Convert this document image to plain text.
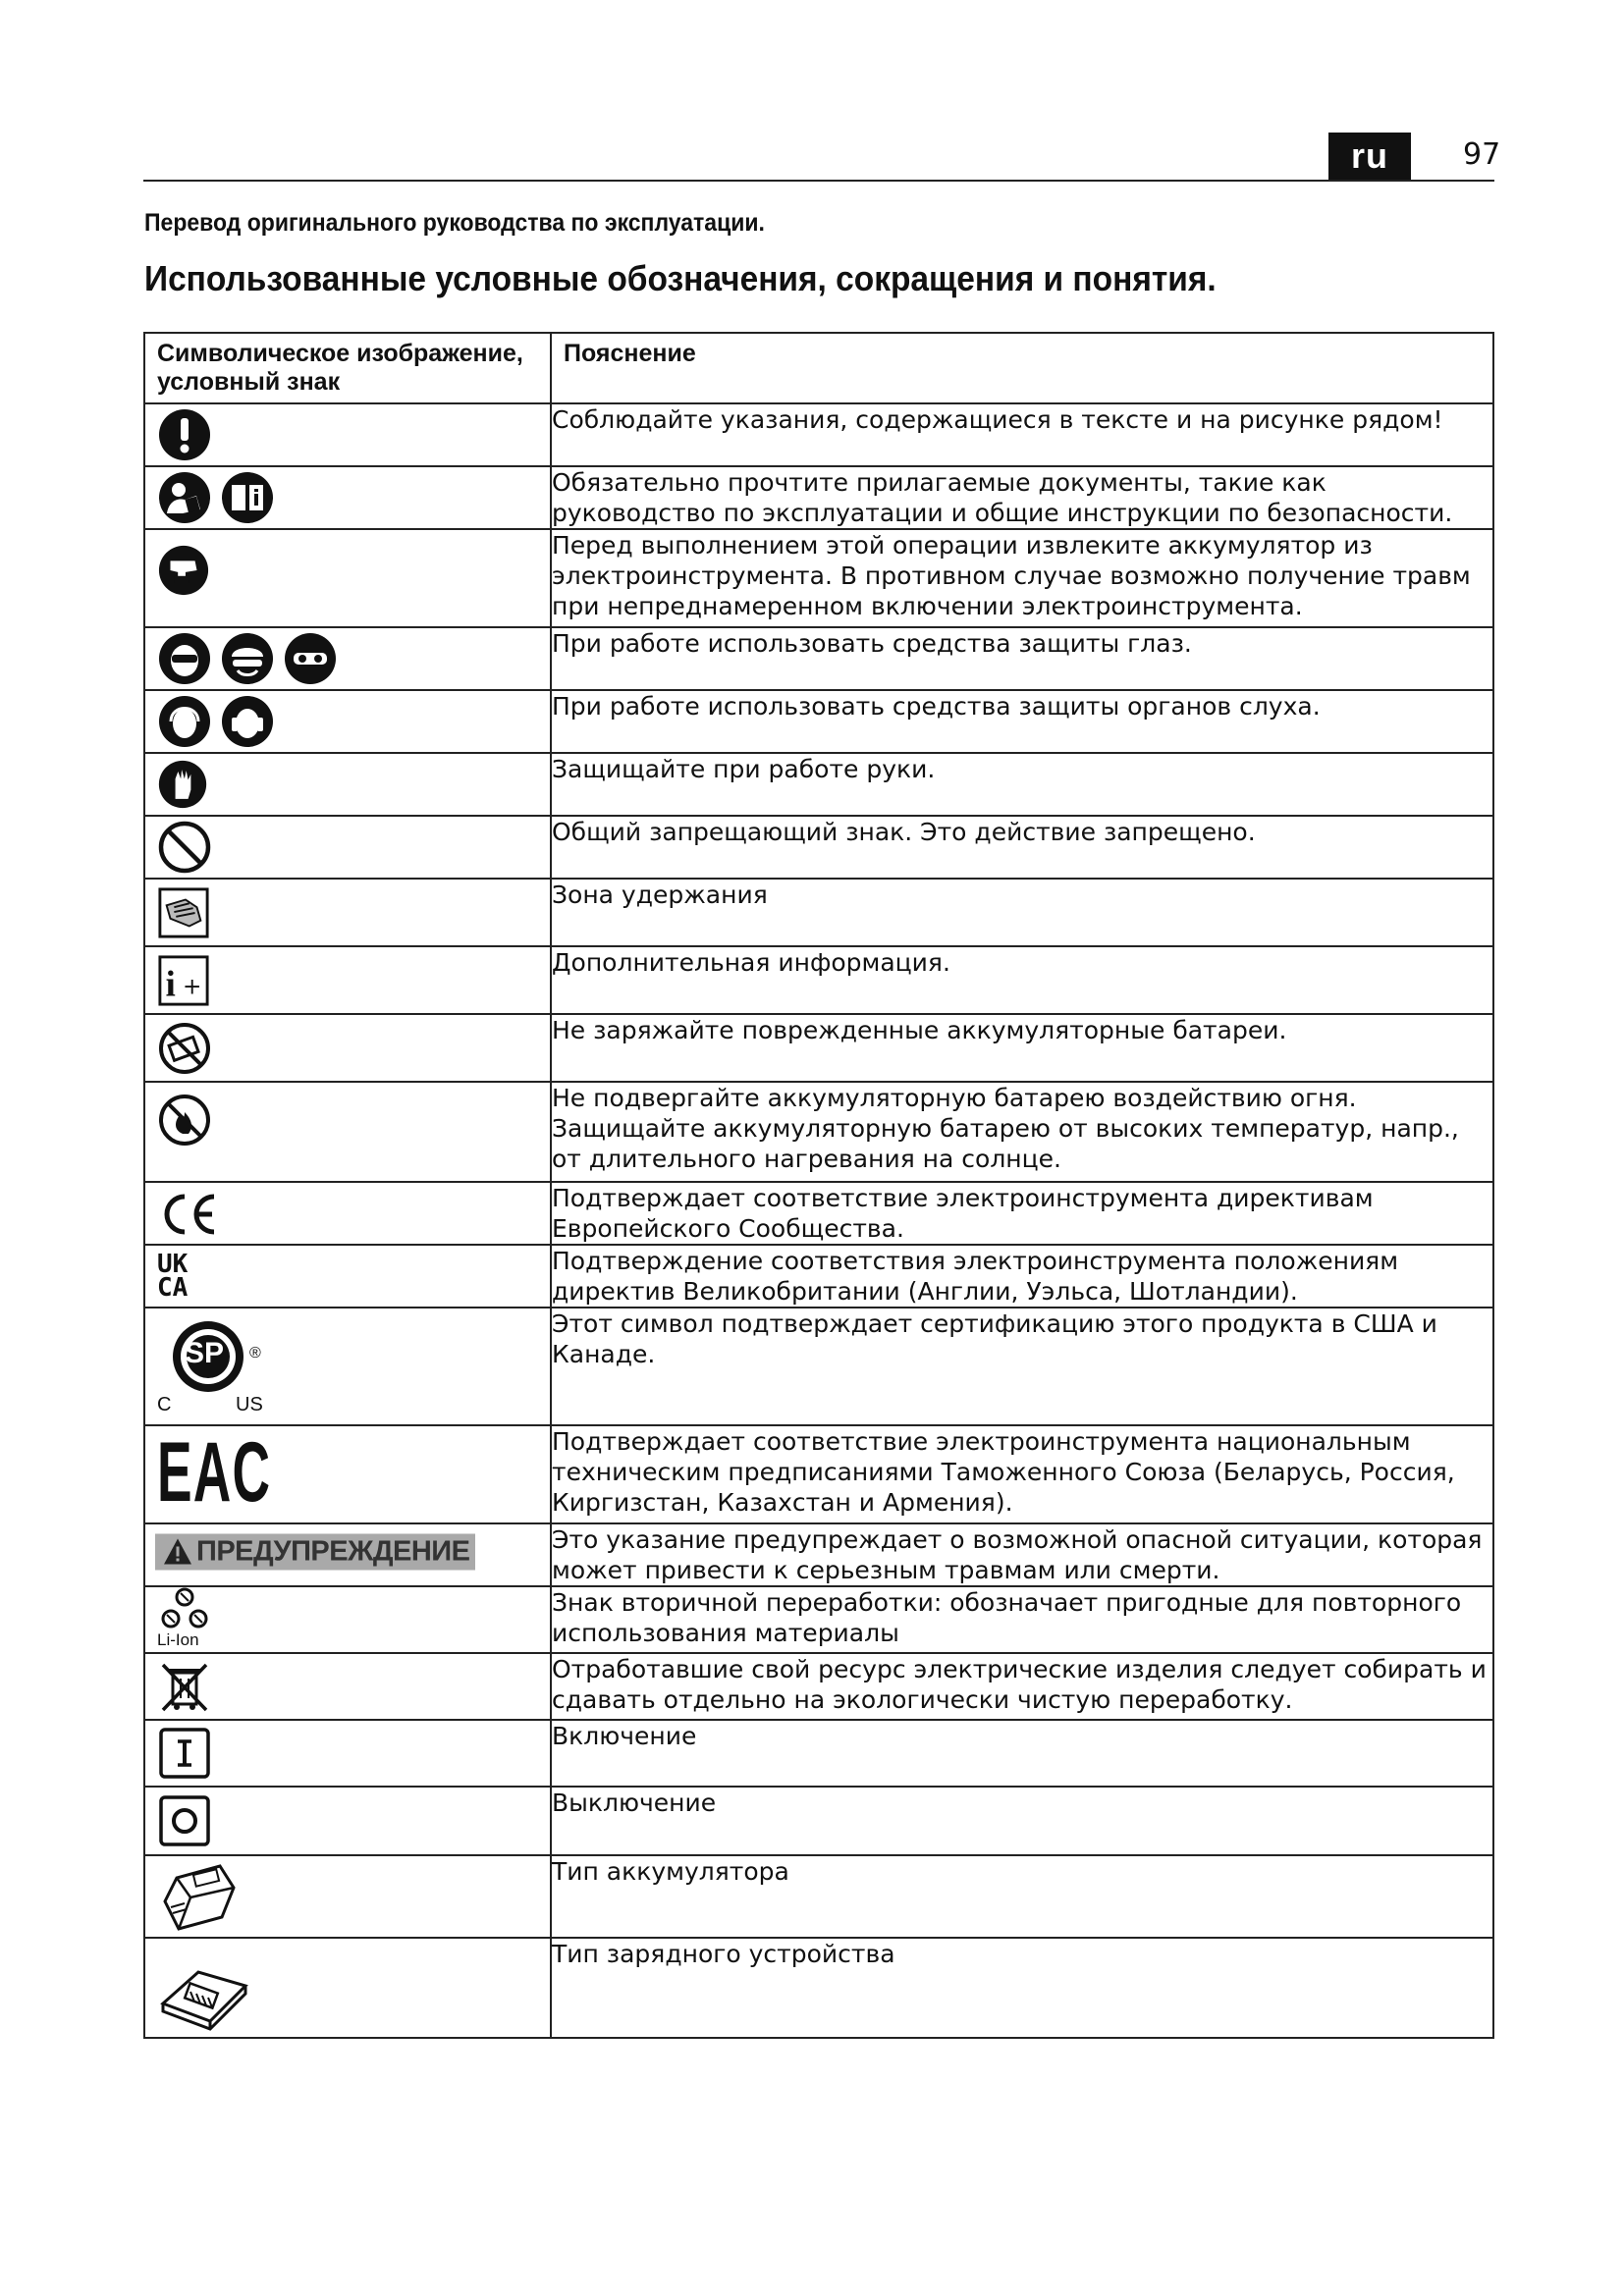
ru	97
Перевод оригинального руководства по эксплуатации.
Использованные условные обозначения, сокращения и понятия.
Символическое изображение, условный знак	Пояснение

	Соблюдайте указания, содержащиеся в тексте и на рисунке рядом!

	Обязательно прочтите прилагаемые документы, такие как руководство по эксплуатации и общие инструкции по безопасности.

	Перед выполнением этой операции извлеките аккумулятор из электроинструмента. В противном случае возможно получение травм при непреднамеренном включении электроинструмента.

	При работе использовать средства защиты глаз.

	При работе использовать средства защиты органов слуха.

	Защищайте при работе руки.

	Общий запрещающий знак. Это действие запрещено.

	Зона удержания

i +	Дополнительная информация.

	Не заряжайте поврежденные аккумуляторные батареи.

	Не подвергайте аккумуляторную батарею воздействию огня. Защищайте аккумуляторную батарею от высоких температур, напр., от длительного нагревания на солнце.

	Подтверждает соответствие электроинструмента директивам Европейского Сообщества.

UK
CA	Подтверждение соответствия электроинструмента положениям директив Великобритании (Англии, Уэльса, Шотландии).

SP ®
C US	Этот символ подтверждает сертификацию этого продукта в США и Канаде.

EAC	Подтверждает соответствие электроинструмента национальным техническим предписаниями Таможенного Союза (Беларусь, Россия, Киргизстан, Казахстан и Армения).

ПРЕДУПРЕЖДЕНИЕ	Это указание предупреждает о возможной опасной ситуации, которая может привести к серьезным травмам или смерти.

Li-Ion	Знак вторичной переработки: обозначает пригодные для повторного использования материалы

	Отработавшие свой ресурс электрические изделия следует собирать и сдавать отдельно на экологически чистую переработку.

	Включение

	Выключение

	Тип аккумулятора

	Тип зарядного устройства
